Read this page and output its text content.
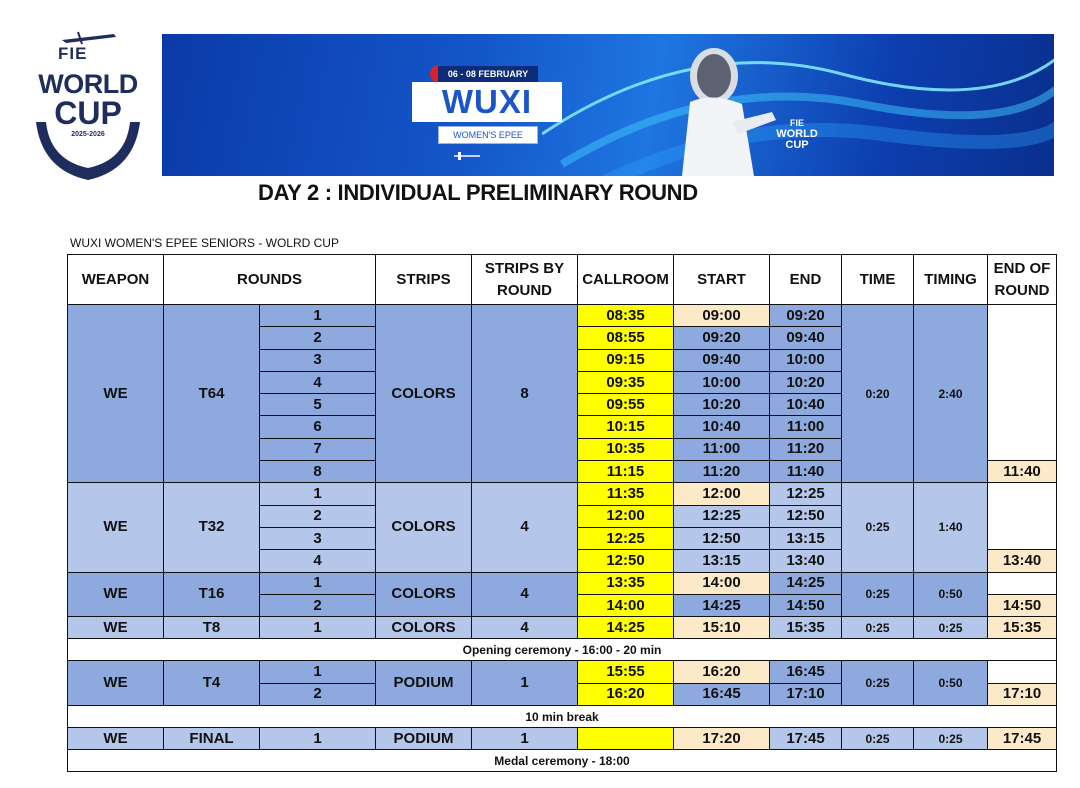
FIE
WORLD
CUP
2025-2026
06 - 08 FEBRUARY
WUXI
WOMEN'S EPEE
FIE
WORLD
CUP
DAY 2 : INDIVIDUAL PRELIMINARY ROUND
WUXI WOMEN'S EPEE SENIORS - WOLRD CUP
WEAPON	ROUNDS		STRIPS	STRIPS BY ROUND	CALLROOM	START	END	TIME	TIMING	END OF ROUND
WE	T64	1	COLORS	8	08:35	09:00	09:20	0:20	2:40	
		2			08:55	09:20	09:40			
		3			09:15	09:40	10:00			
		4			09:35	10:00	10:20			
		5			09:55	10:20	10:40			
		6			10:15	10:40	11:00			
		7			10:35	11:00	11:20			
		8			11:15	11:20	11:40			11:40
WE	T32	1	COLORS	4	11:35	12:00	12:25	0:25	1:40	
		2			12:00	12:25	12:50			
		3			12:25	12:50	13:15			
		4			12:50	13:15	13:40			13:40
WE	T16	1	COLORS	4	13:35	14:00	14:25	0:25	0:50	
		2			14:00	14:25	14:50			14:50
WE	T8	1	COLORS	4	14:25	15:10	15:35	0:25	0:25	15:35
Opening ceremony - 16:00 - 20 min										
WE	T4	1	PODIUM	1	15:55	16:20	16:45	0:25	0:50	
		2			16:20	16:45	17:10			17:10
10 min break										
WE	FINAL	1	PODIUM	1		17:20	17:45	0:25	0:25	17:45
Medal ceremony - 18:00										
